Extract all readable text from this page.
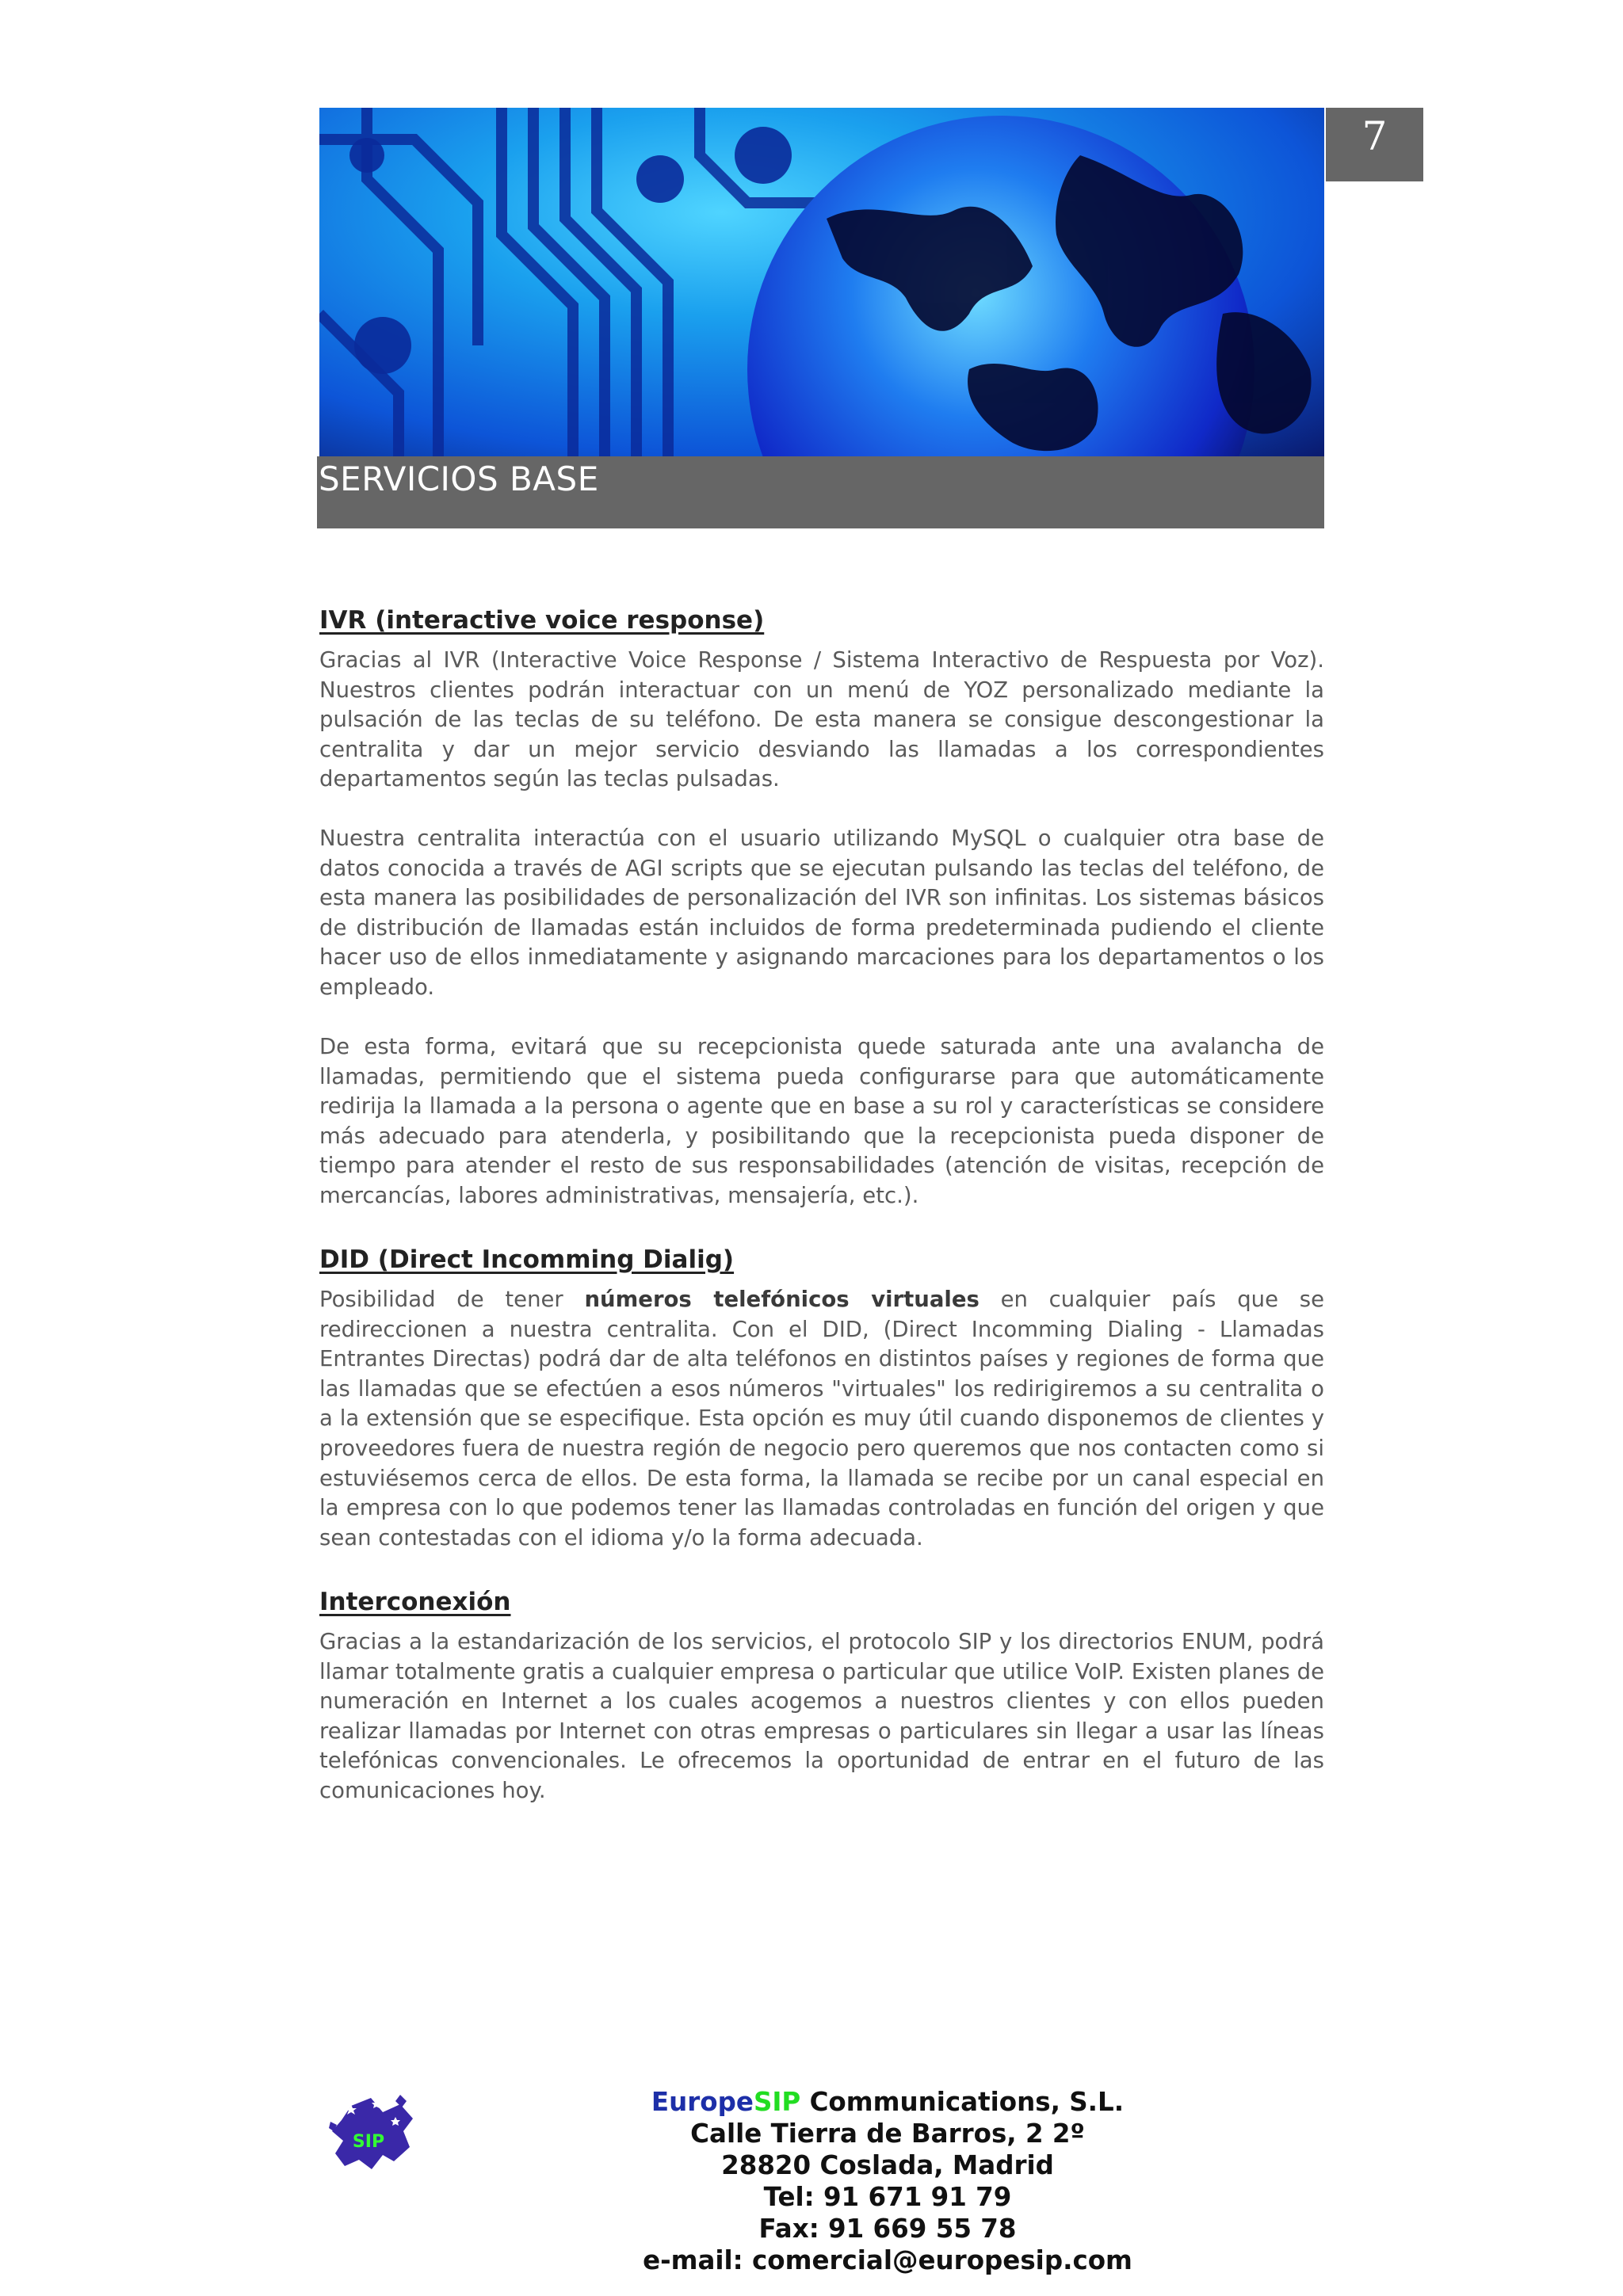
7
SERVICIOS BASE
IVR (interactive voice response)

Gracias al IVR (Interactive Voice Response / Sistema Interactivo de Respuesta por Voz). Nuestros clientes podrán interactuar con un menú de YOZ personalizado mediante la pulsación de las teclas de su teléfono. De esta manera se consigue descongestionar la centralita y dar un mejor servicio desviando las llamadas a los correspondientes departamentos según las teclas pulsadas.

Nuestra centralita interactúa con el usuario utilizando MySQL o cualquier otra base de datos conocida a través de AGI scripts que se ejecutan pulsando las teclas del teléfono, de esta manera las posibilidades de personalización del IVR son infinitas. Los sistemas básicos de distribución de llamadas están incluidos de forma predeterminada pudiendo el cliente hacer uso de ellos inmediatamente y asignando marcaciones para los departamentos o los empleado.

De esta forma, evitará que su recepcionista quede saturada ante una avalancha de llamadas, permitiendo que el sistema pueda configurarse para que automáticamente redirija la llamada a la persona o agente que en base a su rol y características se considere más adecuado para atenderla, y posibilitando que la recepcionista pueda disponer de tiempo para atender el resto de sus responsabilidades (atención de visitas, recepción de mercancías, labores administrativas, mensajería, etc.).

DID (Direct Incomming Dialig)

Posibilidad de tener números telefónicos virtuales en cualquier país que se redireccionen a nuestra centralita. Con el DID, (Direct Incomming Dialing - Llamadas Entrantes Directas) podrá dar de alta teléfonos en distintos países y regiones de forma que las llamadas que se efectúen a esos números "virtuales" los redirigiremos a su centralita o a la extensión que se especifique. Esta opción es muy útil cuando disponemos de clientes y proveedores fuera de nuestra región de negocio pero queremos que nos contacten como si estuviésemos cerca de ellos. De esta forma, la llamada se recibe por un canal especial en la empresa con lo que podemos tener las llamadas controladas en función del origen y que sean contestadas con el idioma y/o la forma adecuada.

Interconexión

Gracias a la estandarización de los servicios, el protocolo SIP y los directorios ENUM, podrá llamar totalmente gratis a cualquier empresa o particular que utilice VoIP. Existen planes de numeración en Internet a los cuales acogemos a nuestros clientes y con ellos pueden realizar llamadas por Internet con otras empresas o particulares sin llegar a usar las líneas telefónicas convencionales. Le ofrecemos la oportunidad de entrar en el futuro de las comunicaciones hoy.

SIP
EuropeSIP Communications, S.L.
Calle Tierra de Barros, 2 2º
28820 Coslada, Madrid
Tel: 91 671 91 79
Fax: 91 669 55 78
e-mail: comercial@europesip.com
